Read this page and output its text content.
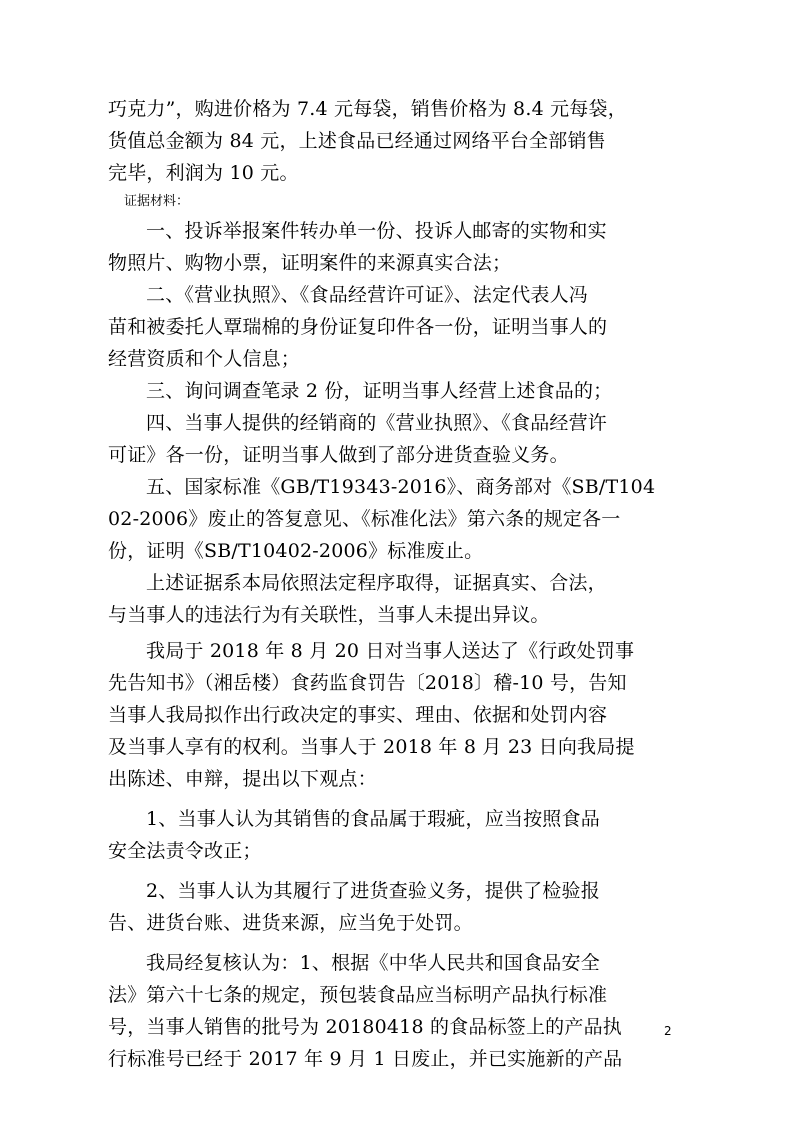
巧克力”，购进价格为 7.4 元每袋，销售价格为 8.4 元每袋，
货值总金额为 84 元，上述食品已经通过网络平台全部销售
完毕，利润为 10 元。
证据材料：
一、投诉举报案件转办单一份、投诉人邮寄的实物和实
物照片、购物小票，证明案件的来源真实合法；
二、《营业执照》、《食品经营许可证》、法定代表人冯
苗和被委托人覃瑞棉的身份证复印件各一份，证明当事人的
经营资质和个人信息；
三、询问调查笔录 2 份，证明当事人经营上述食品的；
四、当事人提供的经销商的《营业执照》、《食品经营许
可证》各一份，证明当事人做到了部分进货查验义务。
五、国家标准《GB/T19343-2016》、商务部对《SB/T104
02-2006》废止的答复意见、《标准化法》第六条的规定各一
份，证明《SB/T10402-2006》标准废止。
上述证据系本局依照法定程序取得，证据真实、合法，
与当事人的违法行为有关联性，当事人未提出异议。
我局于 2018 年 8 月 20 日对当事人送达了《行政处罚事
先告知书》（湘岳楼）食药监食罚告〔2018〕稽-10 号，告知
当事人我局拟作出行政决定的事实、理由、依据和处罚内容
及当事人享有的权利。当事人于 2018 年 8 月 23 日向我局提
出陈述、申辩，提出以下观点：
1、当事人认为其销售的食品属于瑕疵，应当按照食品
安全法责令改正；
2、当事人认为其履行了进货查验义务，提供了检验报
告、进货台账、进货来源，应当免于处罚。
我局经复核认为：1、根据《中华人民共和国食品安全
法》第六十七条的规定，预包装食品应当标明产品执行标准
号，当事人销售的批号为 20180418 的食品标签上的产品执
行标准号已经于 2017 年 9 月 1 日废止，并已实施新的产品
2
